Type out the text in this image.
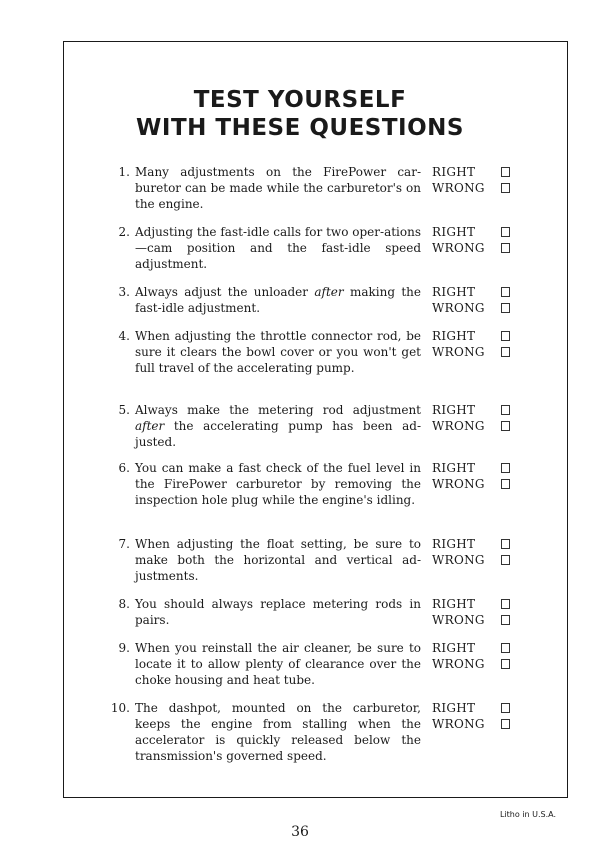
TEST YOURSELF
WITH THESE QUESTIONS
1. Many adjustments on the FirePower car-buretor can be made while the carburetor's on the engine.
RIGHT
WRONG
2. Adjusting the fast-idle calls for two oper-ations—cam position and the fast-idle speed adjustment.
RIGHT
WRONG
3. Always adjust the unloader after making the fast-idle adjustment.
RIGHT
WRONG
4. When adjusting the throttle connector rod, be sure it clears the bowl cover or you won't get full travel of the accelerating pump.
RIGHT
WRONG
5. Always make the metering rod adjustment after the accelerating pump has been ad-justed.
RIGHT
WRONG
6. You can make a fast check of the fuel level in the FirePower carburetor by removing the inspection hole plug while the engine's idling.
RIGHT
WRONG
7. When adjusting the float setting, be sure to make both the horizontal and vertical ad-justments.
RIGHT
WRONG
8. You should always replace metering rods in pairs.
RIGHT
WRONG
9. When you reinstall the air cleaner, be sure to locate it to allow plenty of clearance over the choke housing and heat tube.
RIGHT
WRONG
10. The dashpot, mounted on the carburetor, keeps the engine from stalling when the accelerator is quickly released below the transmission's governed speed.
RIGHT
WRONG
Litho in U.S.A.
36
